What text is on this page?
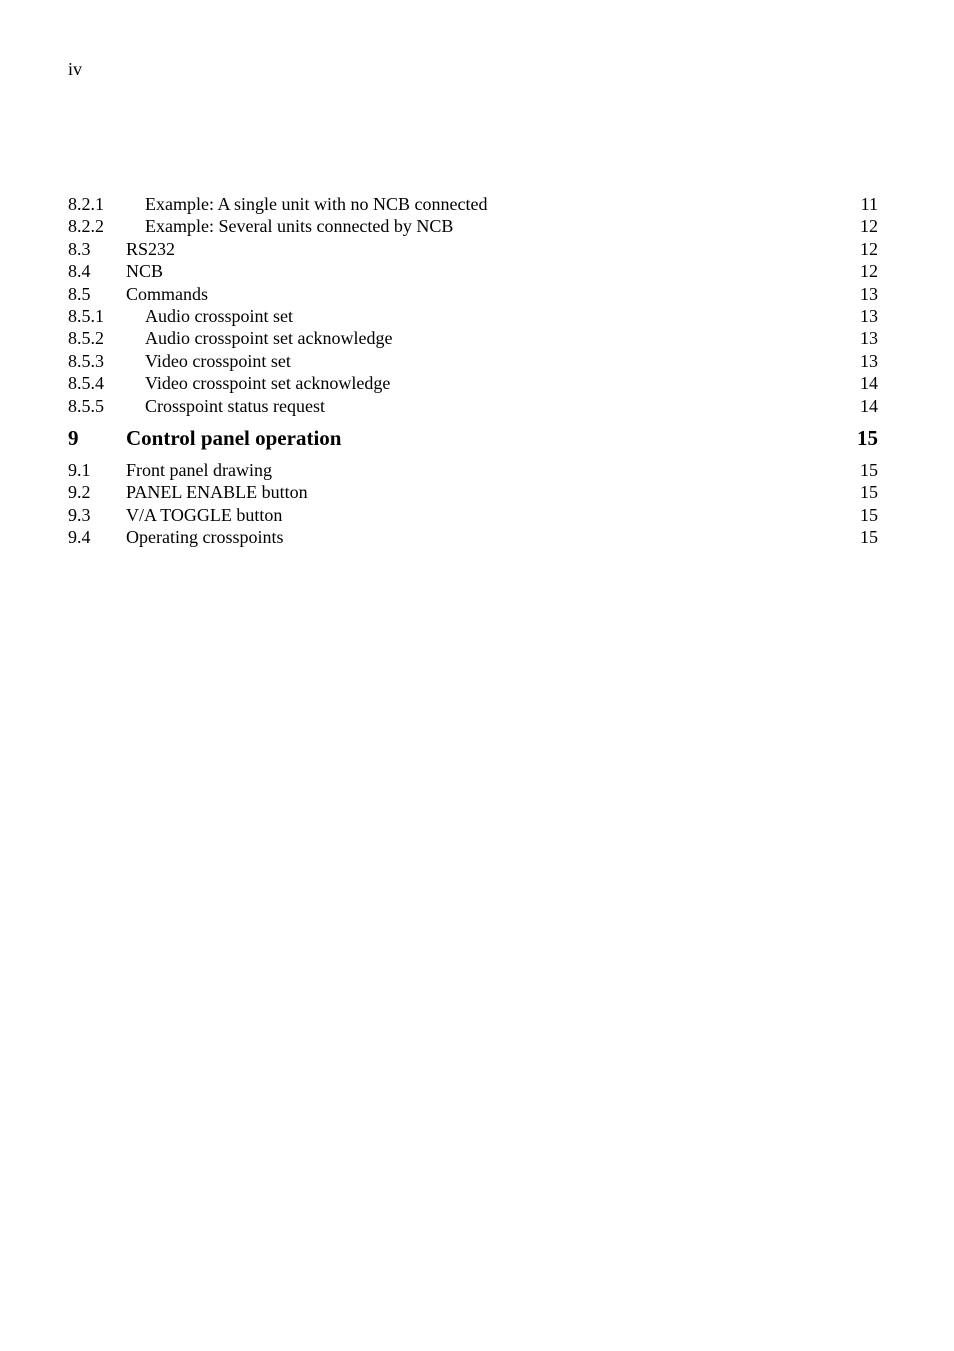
iv
8.2.1 Example: A single unit with no NCB connected	11
8.2.2 Example: Several units connected by NCB	12
8.3 RS232	12
8.4 NCB	12
8.5 Commands	13
8.5.1 Audio crosspoint set	13
8.5.2 Audio crosspoint set acknowledge	13
8.5.3 Video crosspoint set	13
8.5.4 Video crosspoint set acknowledge	14
8.5.5 Crosspoint status request	14
9 Control panel operation	15
9.1 Front panel drawing	15
9.2 PANEL ENABLE button	15
9.3 V/A TOGGLE button	15
9.4 Operating crosspoints	15
